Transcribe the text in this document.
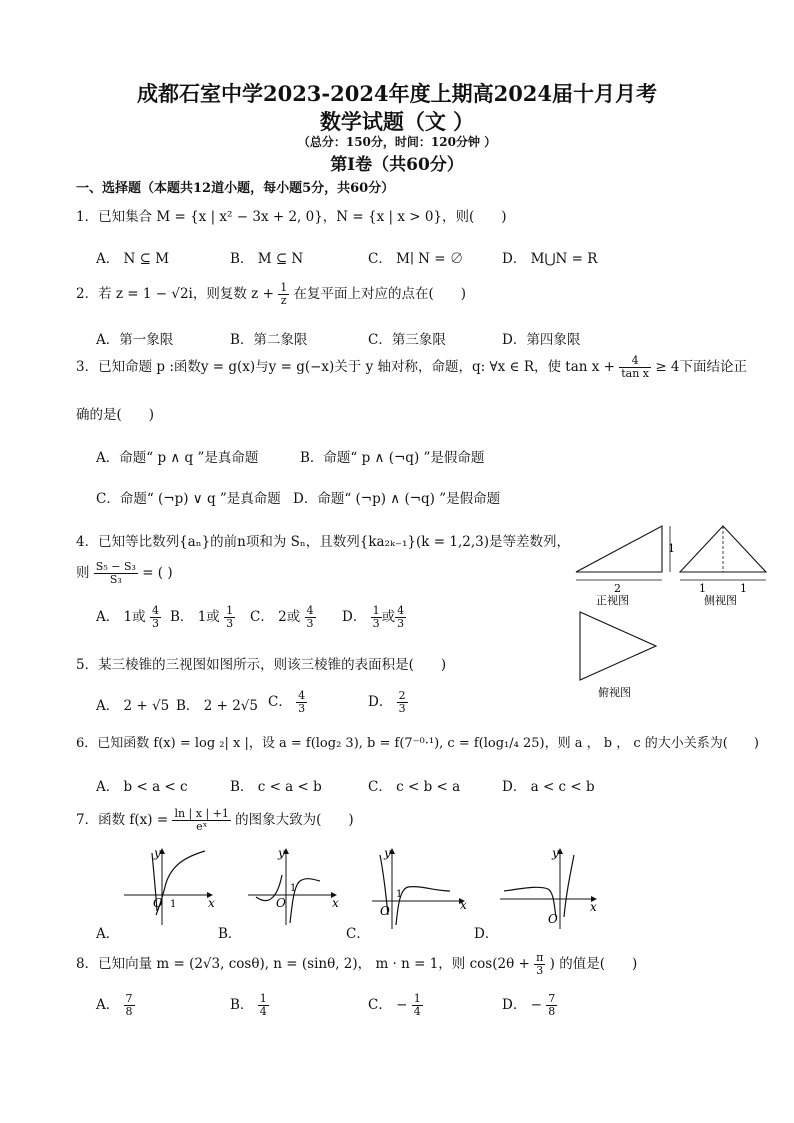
成都石室中学2023-2024年度上期高2024届十月月考
数学试题（文 ）
（总分：150分，时间：120分钟 ）
第Ⅰ卷（共60分）
一、选择题（本题共12道小题，每小题5分，共60分）
1．已知集合 M = {x | x² − 3x + 2, 0}，N = {x | x > 0}，则(　　)
A． N ⊆ M	B． M ⊆ N	C． M∣ N = ∅	D． M⋃N = R
2．若 z = 1 − √2i，则复数 $z + \frac{1}{z}$ 在复平面上对应的点在(　　)
A．第一象限	B．第二象限	C．第三象限	D．第四象限
3．已知命题 p :函数y = g(x)与y = g(−x)关于 y 轴对称，命题，q: ∀x ∈ R，使 $\tan x + \frac{4}{\text{tan x}} \ge 4$下面结论正
确的是(　　)
A．命题“ p ∧ q ”是真命题	B．命题“ p ∧ (¬q) ”是假命题
C．命题“ (¬p) ∨ q ”是真命题 D．命题“ (¬p) ∧ (¬q) ”是假命题
4．已知等比数列{aₙ}的前n项和为 Sₙ，且数列{ka₂ₖ₋₁}(k = 1,2,3)是等差数列，
则 $\frac{\text{S₅ − S₃}}{\text{S₃}}$ = ( )
A． 1或 $\frac{4}{3}$ B． 1或 $\frac{1}{3}$ C． 2或 $\frac{4}{3}$ D． $\frac{1}{3}$ 或 $\frac{4}{3}$
1
2
正视图
1	1
侧视图
俯视图
5．某三棱锥的三视图如图所示，则该三棱锥的表面积是(　　)
A． 2 + √5 B． 2 + 2√5 C． $\frac{4}{3}$	D． $\frac{2}{3}$
6．已知函数 f(x) = log ₂| x |，设 a = f(log₂ 3), b = f(7⁻⁰·¹), c = f(log₁/₄ 25)，则 a ， b ， c 的大小关系为(　　)
A． b < a < c	B． c < a < b	C． c < b < a	D． a < c < b
7．函数 $f(x) = \frac{\ln | x | +1}{\text{eˣ}}$ 的图象大致为(　　)
y
x
O 1
y
x
O
1
y
x
O
1
y
x
O
A．	B．	C．	D．
8．已知向量 m = (2√3, cosθ), n = (sinθ, 2)， m · n = 1，则 $\cos(2\theta + \frac{\pi}{3}$ ) 的值是(　　)
A． $\frac{7}{8}$	B． $\frac{1}{4}$	C． − $\frac{1}{4}$	D． − $\frac{7}{8}$
